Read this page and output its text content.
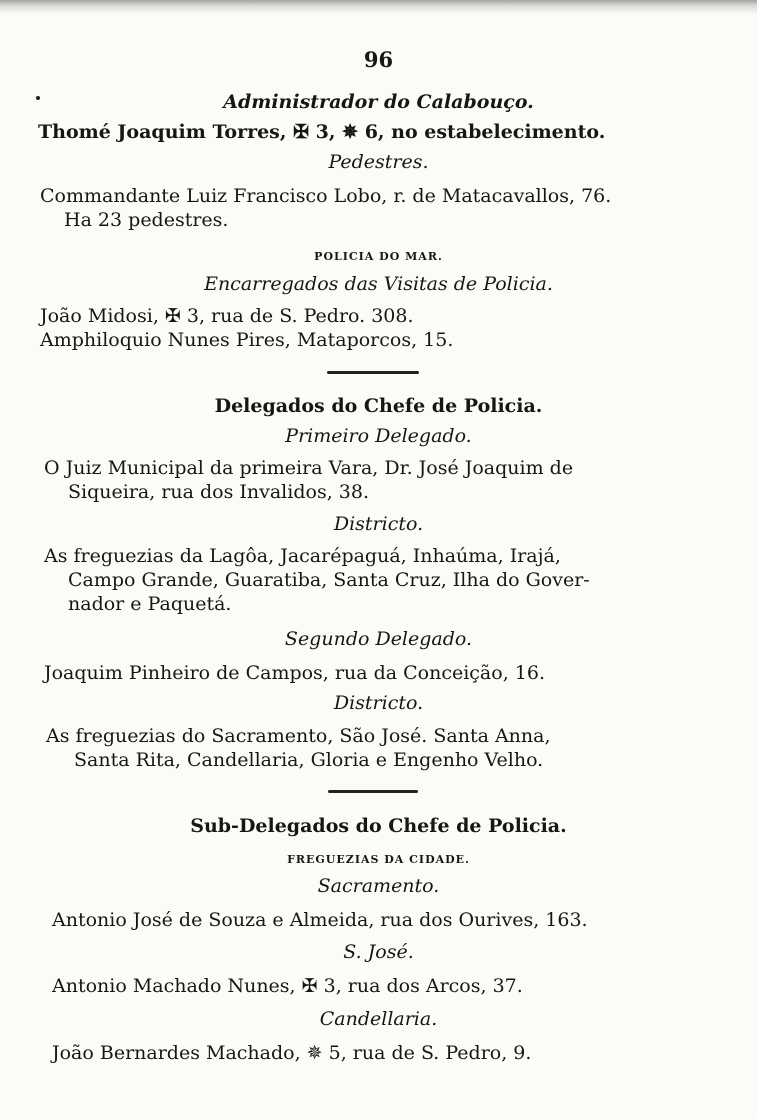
96
Administrador do Calabouço.
Thomé Joaquim Torres, ✠ 3, ✵ 6, no estabelecimento.
Pedestres.
Commandante Luiz Francisco Lobo, r. de Matacavallos, 76.
Ha 23 pedestres.
POLICIA DO MAR.
Encarregados das Visitas de Policia.
João Midosi, ✠ 3, rua de S. Pedro. 308.
Amphiloquio Nunes Pires, Mataporcos, 15.
Delegados do Chefe de Policia.
Primeiro Delegado.
O Juiz Municipal da primeira Vara, Dr. José Joaquim de
Siqueira, rua dos Invalidos, 38.
Districto.
As freguezias da Lagôa, Jacarépaguá, Inhaúma, Irajá,
Campo Grande, Guaratiba, Santa Cruz, Ilha do Gover-
nador e Paquetá.
Segundo Delegado.
Joaquim Pinheiro de Campos, rua da Conceição, 16.
Districto.
As freguezias do Sacramento, São José. Santa Anna,
Santa Rita, Candellaria, Gloria e Engenho Velho.
Sub-Delegados do Chefe de Policia.
FREGUEZIAS DA CIDADE.
Sacramento.
Antonio José de Souza e Almeida, rua dos Ourives, 163.
S. José.
Antonio Machado Nunes, ✠ 3, rua dos Arcos, 37.
Candellaria.
João Bernardes Machado, ✵ 5, rua de S. Pedro, 9.
